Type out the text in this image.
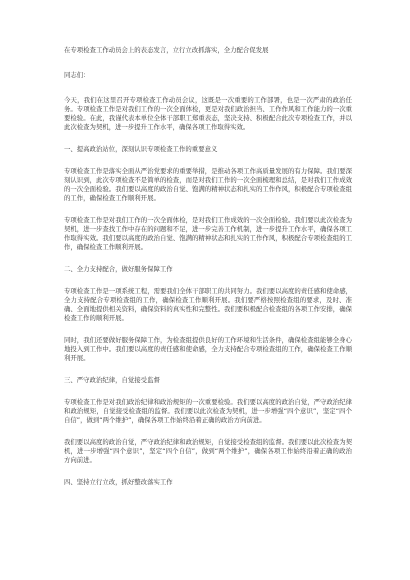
在专项检查工作动员会上的表态发言，立行立改抓落实，全力配合促发展

同志们：

今天，我们在这里召开专项检查工作动员会议，这既是一次重要的工作部署，也是一次严肃的政治任务。专项检查工作是对我们工作的一次全面体检，更是对我们政治担当、工作作风和工作能力的一次重要检验。在此，我谨代表本单位全体干部职工郑重表态，坚决支持、积极配合此次专项检查工作，并以此次检查为契机，进一步提升工作水平，确保各项工作取得实效。

一、提高政治站位，深刻认识专项检查工作的重要意义

专项检查工作是落实全面从严治党要求的重要举措，是推动各项工作高质量发展的有力保障。我们要深刻认识到，此次专项检查不是简单的检查，而是对我们工作的一次全面梳理和总结，是对我们工作成效的一次全面检验。我们要以高度的政治自觉、饱满的精神状态和扎实的工作作风，积极配合专项检查组的工作，确保检查工作顺利开展。

专项检查工作是对我们工作的一次全面体检，是对我们工作成效的一次全面检验。我们要以此次检查为契机，进一步查找工作中存在的问题和不足，进一步完善工作机制，进一步提升工作水平，确保各项工作取得实效。我们要以高度的政治自觉、饱满的精神状态和扎实的工作作风，积极配合专项检查组的工作，确保检查工作顺利开展。

二、全力支持配合，做好服务保障工作

专项检查工作是一项系统工程，需要我们全体干部职工的共同努力。我们要以高度的责任感和使命感，全力支持配合专项检查组的工作，确保检查工作顺利开展。我们要严格按照检查组的要求，及时、准确、全面地提供相关资料，确保资料的真实性和完整性。我们要积极配合检查组的各项工作安排，确保检查工作的顺利开展。

同时，我们还要做好服务保障工作，为检查组提供良好的工作环境和生活条件，确保检查组能够全身心地投入到工作中。我们要以高度的责任感和使命感，全力支持配合专项检查组的工作，确保检查工作顺利开展。

三、严守政治纪律，自觉接受监督

专项检查工作是对我们政治纪律和政治规矩的一次重要检验。我们要以高度的政治自觉，严守政治纪律和政治规矩，自觉接受检查组的监督。我们要以此次检查为契机，进一步增强“四个意识”，坚定“四个自信”，做到“两个维护”，确保各项工作始终沿着正确的政治方向前进。

我们要以高度的政治自觉，严守政治纪律和政治规矩，自觉接受检查组的监督。我们要以此次检查为契机，进一步增强“四个意识”，坚定“四个自信”，做到“两个维护”，确保各项工作始终沿着正确的政治方向前进。

四、坚持立行立改，抓好整改落实工作
